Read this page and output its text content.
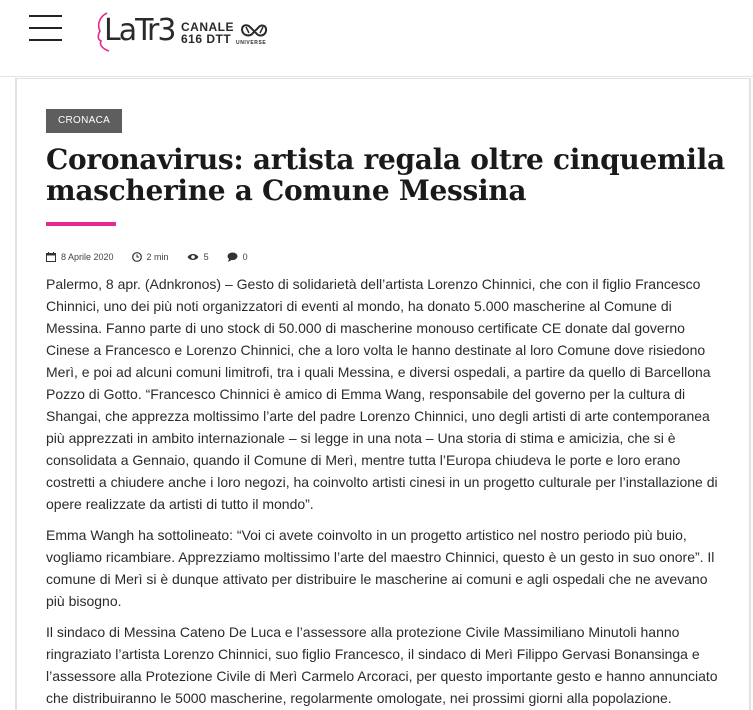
LaTr3 CANALE
616 DTT UNIVERSE
CRONACA
Coronavirus: artista regala oltre cinquemila mascherine a Comune Messina
8 Aprile 2020	2 min	5	0

Palermo, 8 apr. (Adnkronos) – Gesto di solidarietà dell’artista Lorenzo Chinnici, che con il figlio Francesco Chinnici, uno dei più noti organizzatori di eventi al mondo, ha donato 5.000 mascherine al Comune di Messina. Fanno parte di uno stock di 50.000 di mascherine monouso certificate CE donate dal governo Cinese a Francesco e Lorenzo Chinnici, che a loro volta le hanno destinate al loro Comune dove risiedono Merì, e poi ad alcuni comuni limitrofi, tra i quali Messina, e diversi ospedali, a partire da quello di Barcellona Pozzo di Gotto. “Francesco Chinnici è amico di Emma Wang, responsabile del governo per la cultura di Shangai, che apprezza moltissimo l’arte del padre Lorenzo Chinnici, uno degli artisti di arte contemporanea più apprezzati in ambito internazionale – si legge in una nota – Una storia di stima e amicizia, che si è consolidata a Gennaio, quando il Comune di Merì, mentre tutta l’Europa chiudeva le porte e loro erano costretti a chiudere anche i loro negozi, ha coinvolto artisti cinesi in un progetto culturale per l’installazione di opere realizzate da artisti di tutto il mondo”.

Emma Wangh ha sottolineato: “Voi ci avete coinvolto in un progetto artistico nel nostro periodo più buio, vogliamo ricambiare. Apprezziamo moltissimo l’arte del maestro Chinnici, questo è un gesto in suo onore”. Il comune di Merì si è dunque attivato per distribuire le mascherine ai comuni e agli ospedali che ne avevano più bisogno.

Il sindaco di Messina Cateno De Luca e l’assessore alla protezione Civile Massimiliano Minutoli hanno ringraziato l’artista Lorenzo Chinnici, suo figlio Francesco, il sindaco di Merì Filippo Gervasi Bonansinga e l’assessore alla Protezione Civile di Merì Carmelo Arcoraci, per questo importante gesto e hanno annunciato che distribuiranno le 5000 mascherine, regolarmente omologate, nei prossimi giorni alla popolazione.
